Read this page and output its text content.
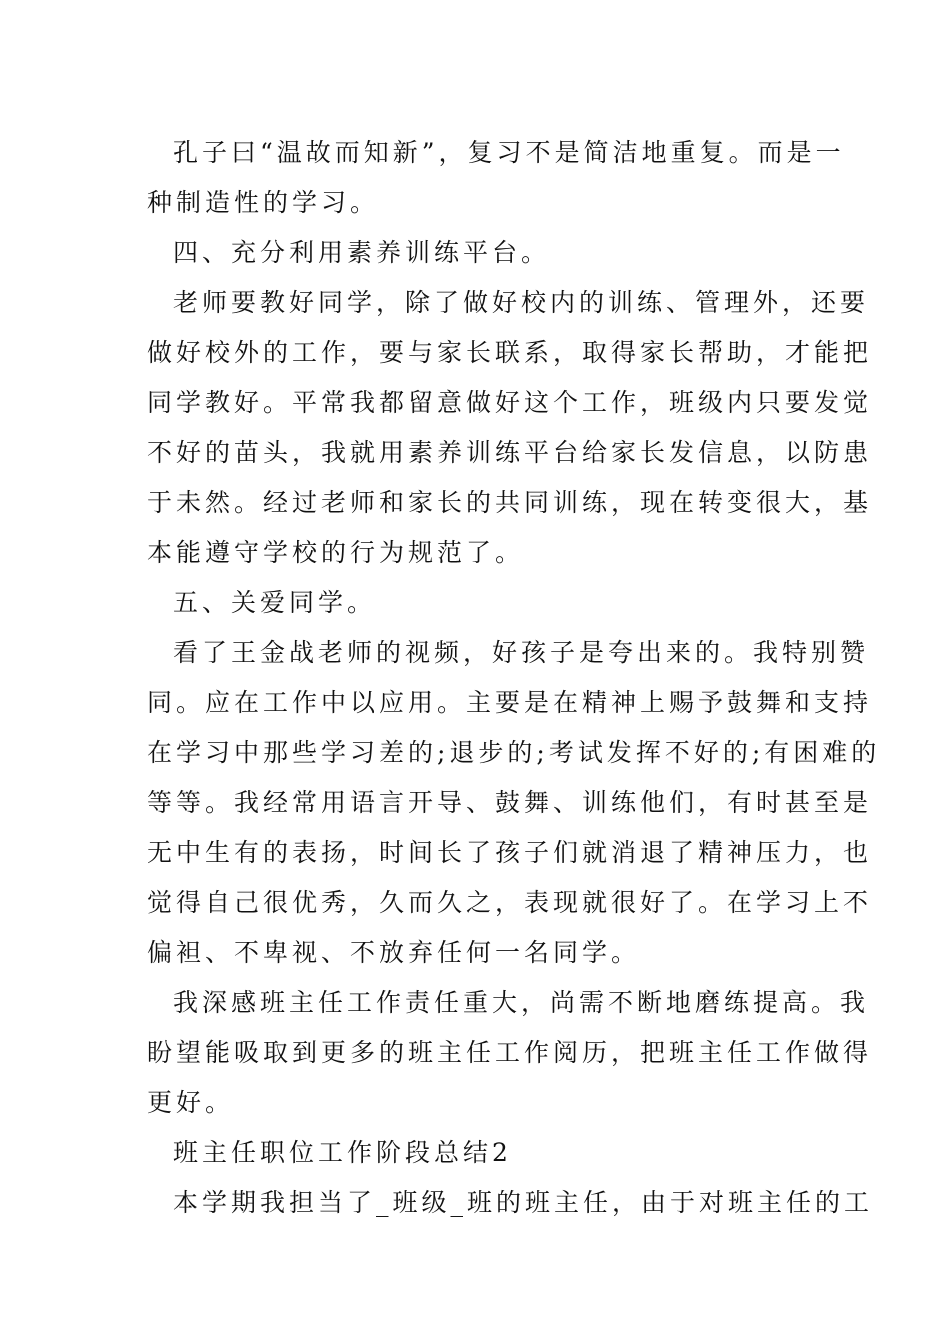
孔子曰“温故而知新”，复习不是简洁地重复。而是一
种制造性的学习。

四、充分利用素养训练平台。

老师要教好同学，除了做好校内的训练、管理外，还要
做好校外的工作，要与家长联系，取得家长帮助，才能把
同学教好。平常我都留意做好这个工作，班级内只要发觉
不好的苗头，我就用素养训练平台给家长发信息，以防患
于未然。经过老师和家长的共同训练，现在转变很大，基
本能遵守学校的行为规范了。

五、关爱同学。

看了王金战老师的视频，好孩子是夸出来的。我特别赞
同。应在工作中以应用。主要是在精神上赐予鼓舞和支持
在学习中那些学习差的;退步的;考试发挥不好的;有困难的
等等。我经常用语言开导、鼓舞、训练他们，有时甚至是
无中生有的表扬，时间长了孩子们就消退了精神压力，也
觉得自己很优秀，久而久之，表现就很好了。在学习上不
偏袒、不卑视、不放弃任何一名同学。

我深感班主任工作责任重大，尚需不断地磨练提高。我
盼望能吸取到更多的班主任工作阅历，把班主任工作做得
更好。

班主任职位工作阶段总结2

本学期我担当了_班级_班的班主任，由于对班主任的工
